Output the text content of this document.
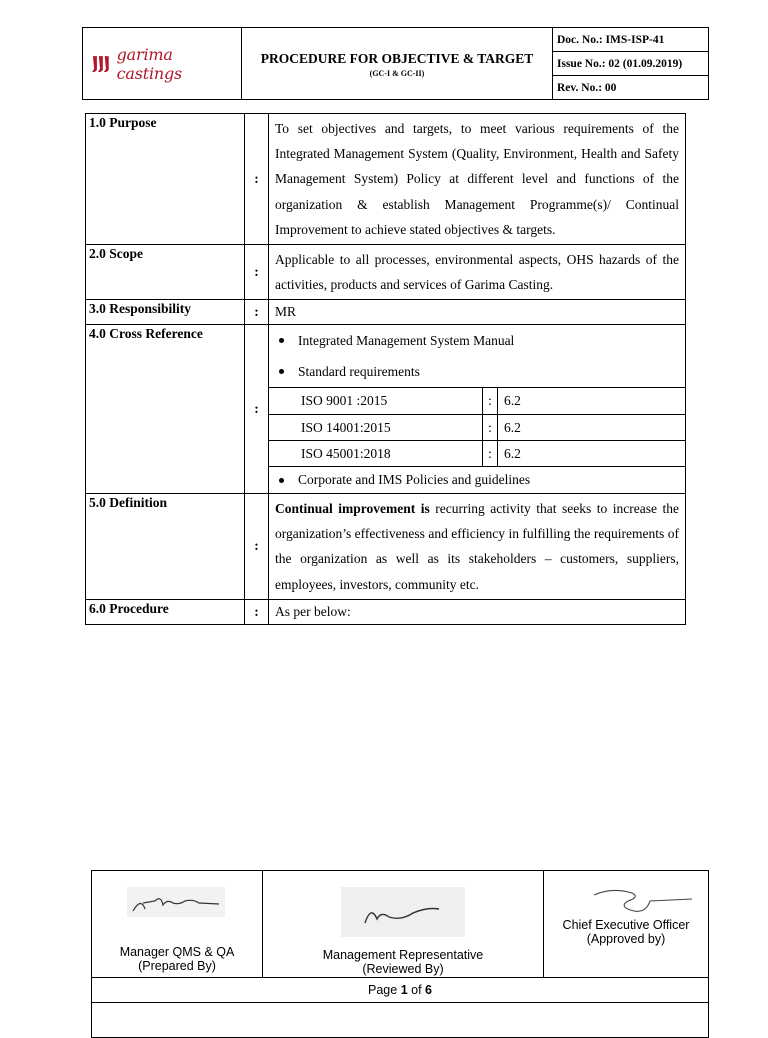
garima castings

PROCEDURE FOR OBJECTIVE & TARGET
(GC-I & GC-II)
	Doc. No.: IMS-ISP-41
Issue No.: 02 (01.09.2019)
Rev. No.: 00
1.0 Purpose	:	To set objectives and targets, to meet various requirements of the Integrated Management System (Quality, Environment, Health and Safety Management System) Policy at different level and functions of the organization & establish Management Programme(s)/ Continual Improvement to achieve stated objectives & targets.
2.0 Scope	:	Applicable to all processes, environmental aspects, OHS hazards of the activities, products and services of Garima Casting.
3.0 Responsibility	:	MR
4.0 Cross Reference	:	
Integrated Management System Manual
Standard requirements
ISO 9001 :2015	:	6.2
ISO 14001:2015	:	6.2
ISO 45001:2018	:	6.2
Corporate and IMS Policies and guidelines

5.0 Definition	:	Continual improvement is recurring activity that seeks to increase the organization’s effectiveness and efficiency in fulfilling the requirements of the organization as well as its stakeholders – customers, suppliers, employees, investors, community etc.
6.0 Procedure	:	As per below:
Manager QMS & QA
(Prepared By)

Management Representative
(Reviewed By)

Chief Executive Officer
(Approved by)

Page 1 of 6
